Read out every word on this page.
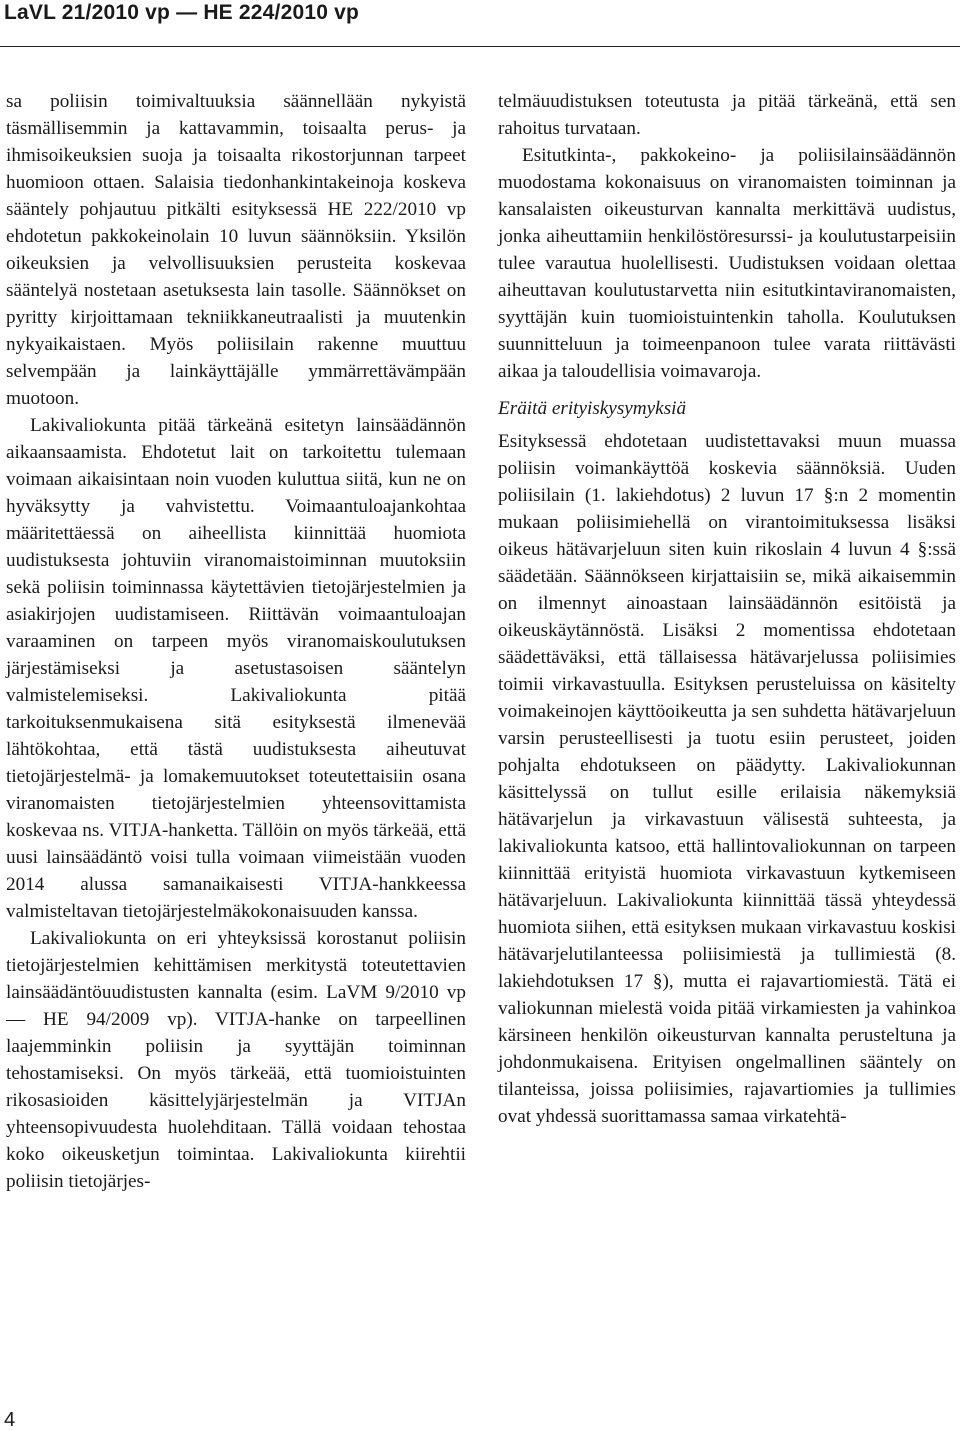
LaVL 21/2010 vp — HE 224/2010 vp

sa poliisin toimivaltuuksia säännellään nykyistä täsmällisemmin ja kattavammin, toisaalta perus- ja ihmisoikeuksien suoja ja toisaalta rikostorjunnan tarpeet huomioon ottaen. Salaisia tiedonhankintakeinoja koskeva sääntely pohjautuu pitkälti esityksessä HE 222/2010 vp ehdotetun pakkokeinolain 10 luvun säännöksiin. Yksilön oikeuksien ja velvollisuuksien perusteita koskevaa sääntelyä nostetaan asetuksesta lain tasolle. Säännökset on pyritty kirjoittamaan tekniikkaneutraalisti ja muutenkin nykyaikaistaen. Myös poliisilain rakenne muuttuu selvempään ja lainkäyttäjälle ymmärrettävämpään muotoon.

Lakivaliokunta pitää tärkeänä esitetyn lainsäädännön aikaansaamista. Ehdotetut lait on tarkoitettu tulemaan voimaan aikaisintaan noin vuoden kuluttua siitä, kun ne on hyväksytty ja vahvistettu. Voimaantuloajankohtaa määritettäessä on aiheellista kiinnittää huomiota uudistuksesta johtuviin viranomaistoiminnan muutoksiin sekä poliisin toiminnassa käytettävien tietojärjestelmien ja asiakirjojen uudistamiseen. Riittävän voimaantuloajan varaaminen on tarpeen myös viranomaiskoulutuksen järjestämiseksi ja asetustasoisen sääntelyn valmistelemiseksi. Lakivaliokunta pitää tarkoituksenmukaisena sitä esityksestä ilmenevää lähtökohtaa, että tästä uudistuksesta aiheutuvat tietojärjestelmä- ja lomakemuutokset toteutettaisiin osana viranomaisten tietojärjestelmien yhteensovittamista koskevaa ns. VITJA-hanketta. Tällöin on myös tärkeää, että uusi lainsäädäntö voisi tulla voimaan viimeistään vuoden 2014 alussa samanaikaisesti VITJA-hankkeessa valmisteltavan tietojärjestelmäkokonaisuuden kanssa.

Lakivaliokunta on eri yhteyksissä korostanut poliisin tietojärjestelmien kehittämisen merkitystä toteutettavien lainsäädäntöuudistusten kannalta (esim. LaVM 9/2010 vp — HE 94/2009 vp). VITJA-hanke on tarpeellinen laajemminkin poliisin ja syyttäjän toiminnan tehostamiseksi. On myös tärkeää, että tuomioistuinten rikosasioiden käsittelyjärjestelmän ja VITJAn yhteensopivuudesta huolehditaan. Tällä voidaan tehostaa koko oikeusketjun toimintaa. Lakivaliokunta kiirehtii poliisin tietojärjes-

telmäuudistuksen toteutusta ja pitää tärkeänä, että sen rahoitus turvataan.

Esitutkinta-, pakkokeino- ja poliisilainsäädännön muodostama kokonaisuus on viranomaisten toiminnan ja kansalaisten oikeusturvan kannalta merkittävä uudistus, jonka aiheuttamiin henkilöstöresurssi- ja koulutustarpeisiin tulee varautua huolellisesti. Uudistuksen voidaan olettaa aiheuttavan koulutustarvetta niin esitutkintaviranomaisten, syyttäjän kuin tuomioistuintenkin taholla. Koulutuksen suunnitteluun ja toimeenpanoon tulee varata riittävästi aikaa ja taloudellisia voimavaroja.

Eräitä erityiskysymyksiä

Esityksessä ehdotetaan uudistettavaksi muun muassa poliisin voimankäyttöä koskevia säännöksiä. Uuden poliisilain (1. lakiehdotus) 2 luvun 17 §:n 2 momentin mukaan poliisimiehellä on virantoimituksessa lisäksi oikeus hätävarjeluun siten kuin rikoslain 4 luvun 4 §:ssä säädetään. Säännökseen kirjattaisiin se, mikä aikaisemmin on ilmennyt ainoastaan lainsäädännön esitöistä ja oikeuskäytännöstä. Lisäksi 2 momentissa ehdotetaan säädettäväksi, että tällaisessa hätävarjelussa poliisimies toimii virkavastuulla. Esityksen perusteluissa on käsitelty voimakeinojen käyttöoikeutta ja sen suhdetta hätävarjeluun varsin perusteellisesti ja tuotu esiin perusteet, joiden pohjalta ehdotukseen on päädytty. Lakivaliokunnan käsittelyssä on tullut esille erilaisia näkemyksiä hätävarjelun ja virkavastuun välisestä suhteesta, ja lakivaliokunta katsoo, että hallintovaliokunnan on tarpeen kiinnittää erityistä huomiota virkavastuun kytkemiseen hätävarjeluun. Lakivaliokunta kiinnittää tässä yhteydessä huomiota siihen, että esityksen mukaan virkavastuu koskisi hätävarjelutilanteessa poliisimiestä ja tullimiestä (8. lakiehdotuksen 17 §), mutta ei rajavartiomiestä. Tätä ei valiokunnan mielestä voida pitää virkamiesten ja vahinkoa kärsineen henkilön oikeusturvan kannalta perusteltuna ja johdonmukaisena. Erityisen ongelmallinen sääntely on tilanteissa, joissa poliisimies, rajavartiomies ja tullimies ovat yhdessä suorittamassa samaa virkatehtä-

4
